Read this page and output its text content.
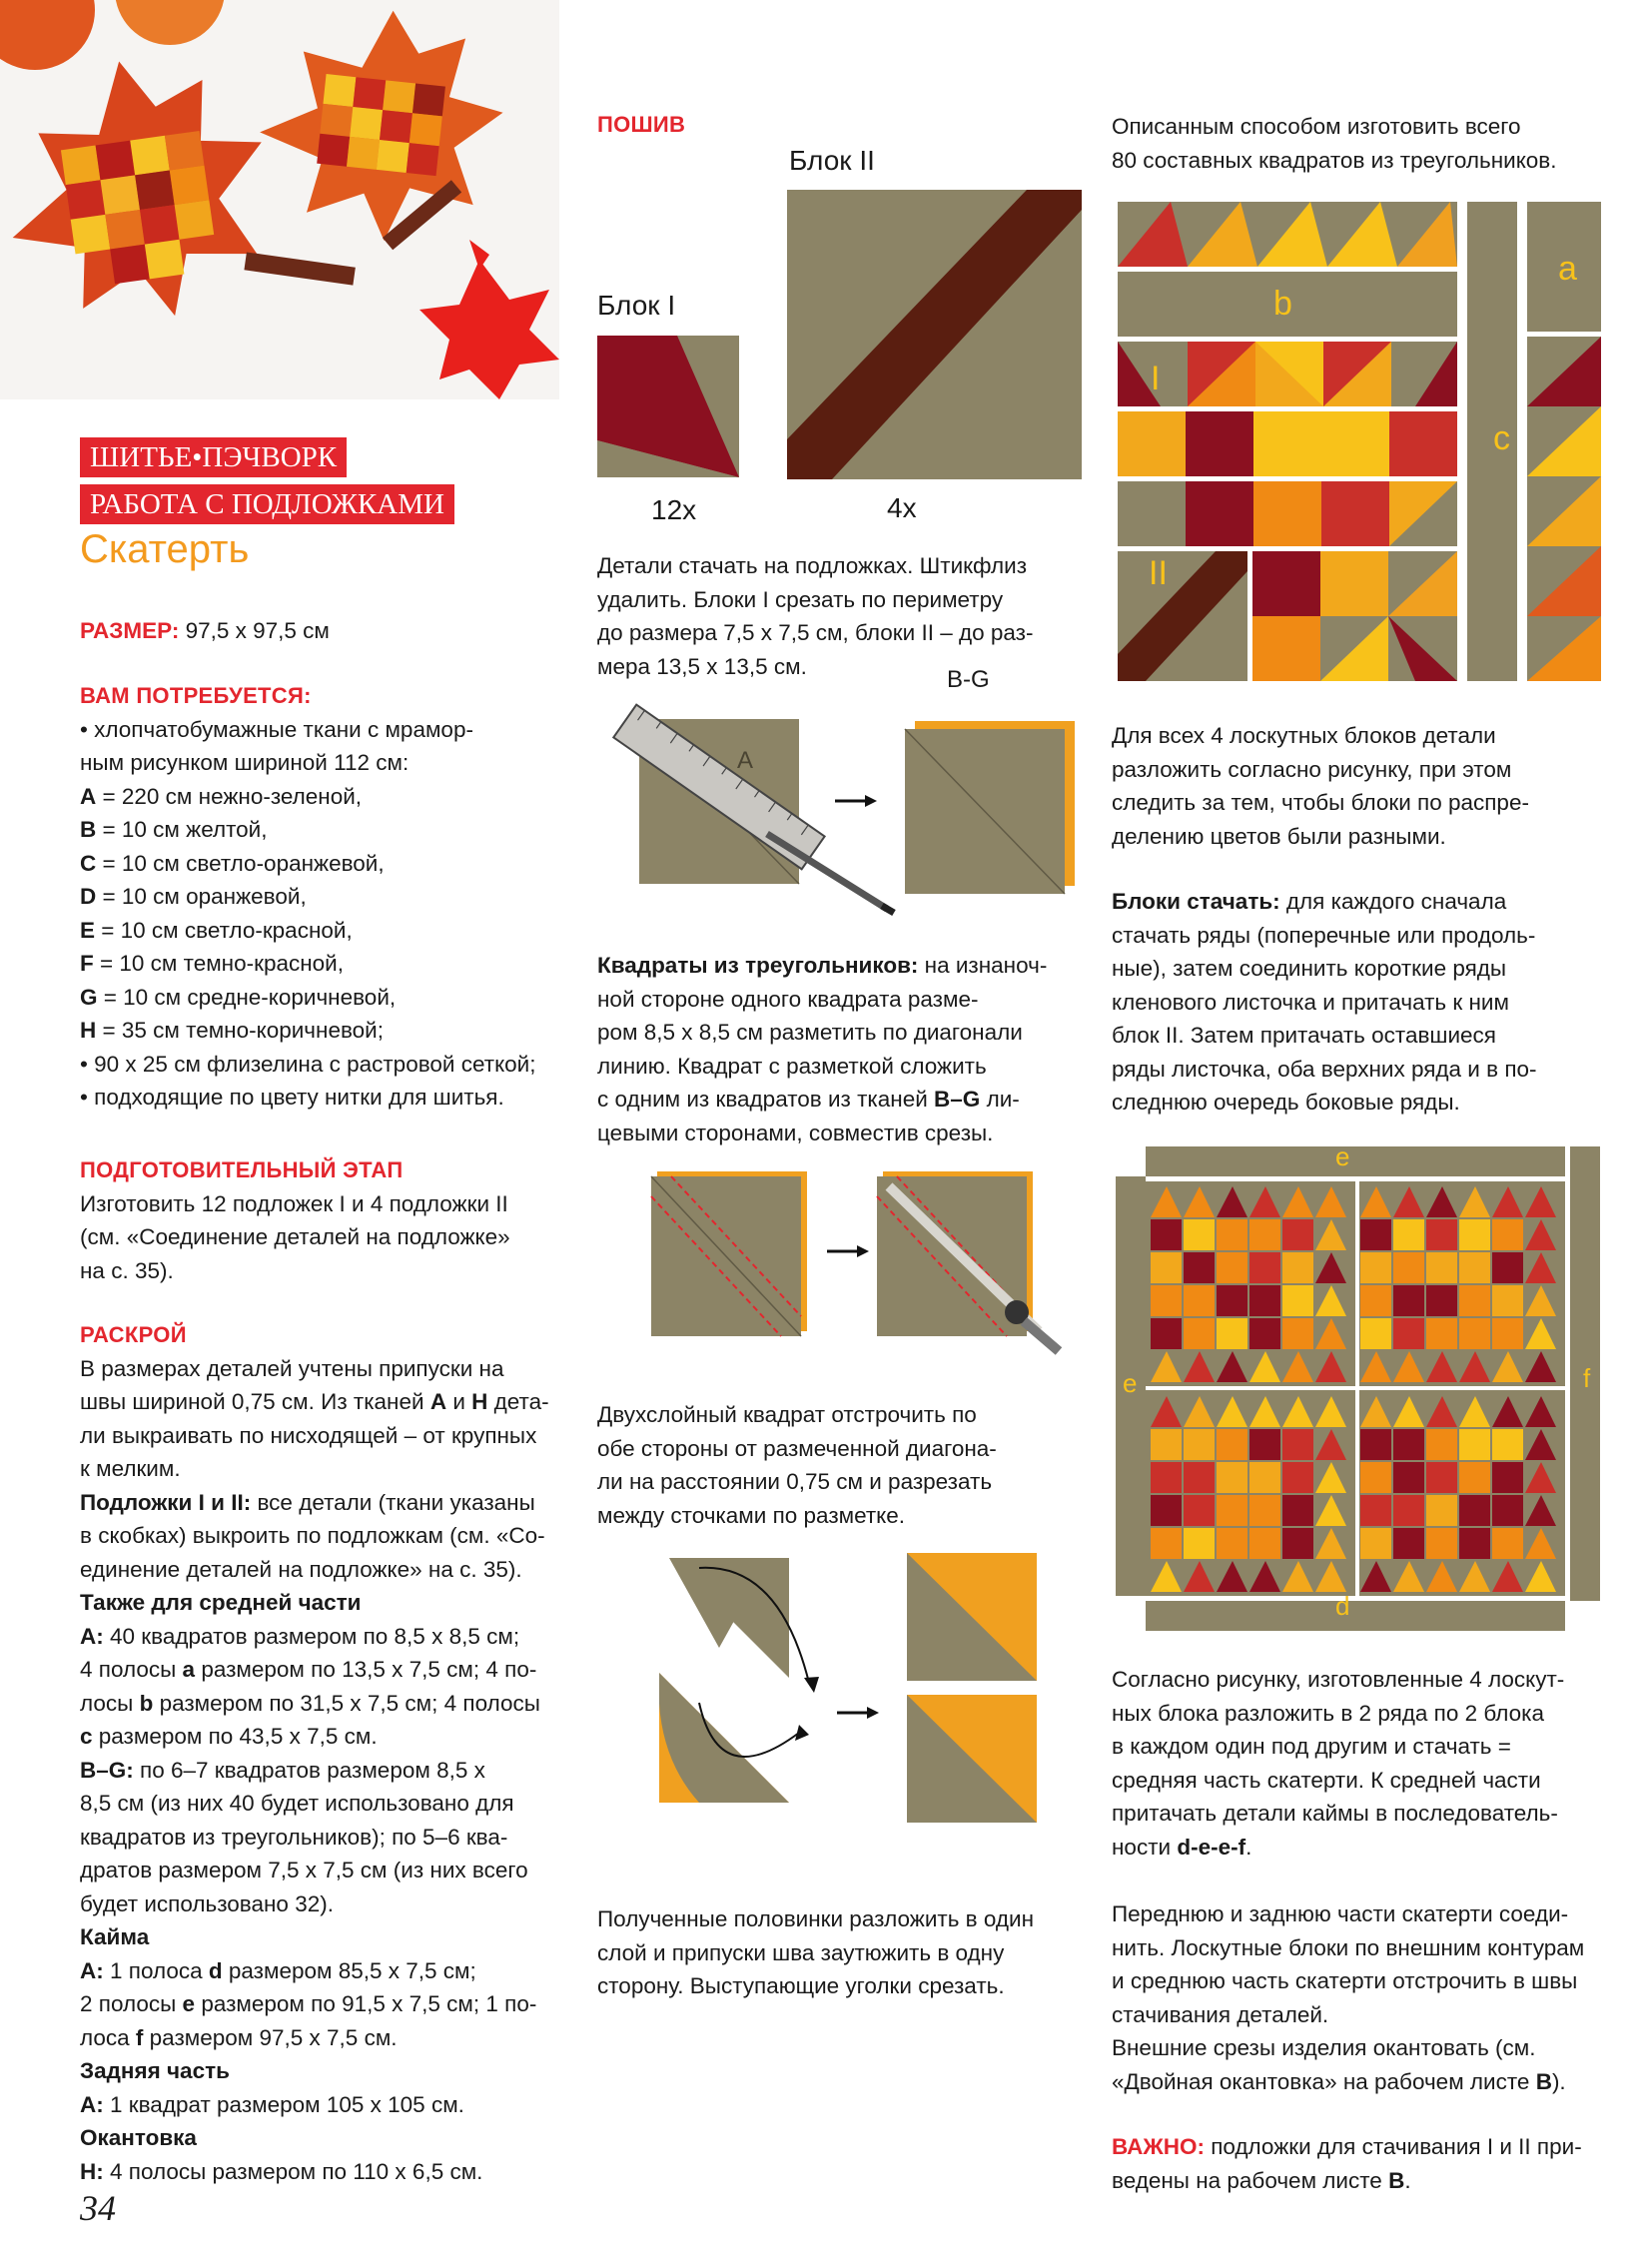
ШИТЬЕ•ПЭЧВОРК
РАБОТА С ПОДЛОЖКАМИ
Скатерть
РАЗМЕР: 97,5 x 97,5 см

ВАМ ПОТРЕБУЕТСЯ:

• хлопчатобумажные ткани с мрамор-

ным рисунком шириной 112 см:

A = 220 см нежно-зеленой,

B = 10 см желтой,

C = 10 см светло-оранжевой,

D = 10 см оранжевой,

E = 10 см светло-красной,

F = 10 см темно-красной,

G = 10 см средне-коричневой,

H = 35 см темно-коричневой;

• 90 x 25 см флизелина с растровой сеткой;

• подходящие по цвету нитки для шитья.

ПОДГОТОВИТЕЛЬНЫЙ ЭТАП

Изготовить 12 подложек I и 4 подложки II

(см. «Соединение деталей на подложке»

на с. 35).

РАСКРОЙ

В размерах деталей учтены припуски на

швы шириной 0,75 см. Из тканей A и H дета-

ли выкраивать по нисходящей – от крупных

к мелким.

Подложки I и II: все детали (ткани указаны

в скобках) выкроить по подложкам (см. «Со-

единение деталей на подложке» на с. 35).

Также для средней части

A: 40 квадратов размером по 8,5 x 8,5 см;

4 полосы a размером по 13,5 x 7,5 см; 4 по-

лосы b размером по 31,5 x 7,5 см; 4 полосы

c размером по 43,5 x 7,5 см.

B–G: по 6–7 квадратов размером 8,5 x

8,5 см (из них 40 будет использовано для

квадратов из треугольников); по 5–6 ква-

дратов размером 7,5 x 7,5 см (из них всего

будет использовано 32).

Кайма

A: 1 полоса d размером 85,5 x 7,5 см;

2 полосы e размером по 91,5 x 7,5 см; 1 по-

лоса f размером 97,5 x 7,5 см.

Задняя часть

A: 1 квадрат размером 105 x 105 см.

Окантовка

H: 4 полосы размером по 110 x 6,5 см.

34
ПОШИВ
Блок II
Блок I
12x	4x

Детали стачать на подложках. Штикфлиз

удалить. Блоки I срезать по периметру

до размера 7,5 x 7,5 см, блоки II – до раз-

мера 13,5 x 13,5 см.

A
B-G

Квадраты из треугольников: на изнаноч-

ной стороне одного квадрата разме-

ром 8,5 x 8,5 см разметить по диагонали

линию. Квадрат с разметкой сложить

с одним из квадратов из тканей B–G ли-

цевыми сторонами, совместив срезы.

Двухслойный квадрат отстрочить по

обе стороны от размеченной диагона-

ли на расстоянии 0,75 см и разрезать

между сточками по разметке.

Полученные половинки разложить в один

слой и припуски шва заутюжить в одну

сторону. Выступающие уголки срезать.

Описанным способом изготовить всего

80 составных квадратов из треугольников.

a
b
c
I
II

Для всех 4 лоскутных блоков детали

разложить согласно рисунку, при этом

следить за тем, чтобы блоки по распре-

делению цветов были разными.

Блоки стачать: для каждого сначала

стачать ряды (поперечные или продоль-

ные), затем соединить короткие ряды

кленового листочка и притачать к ним

блок II. Затем притачать оставшиеся

ряды листочка, оба верхних ряда и в по-

следнюю очередь боковые ряды.

e
e	f
d

Согласно рисунку, изготовленные 4 лоскут-

ных блока разложить в 2 ряда по 2 блока

в каждом один под другим и стачать =

средняя часть скатерти. К средней части

притачать детали каймы в последователь-

ности d-e-e-f.

Переднюю и заднюю части скатерти соеди-

нить. Лоскутные блоки по внешним контурам

и среднюю часть скатерти отстрочить в швы

стачивания деталей.

Внешние срезы изделия окантовать (см.

«Двойная окантовка» на рабочем листе B).

ВАЖНО: подложки для стачивания I и II при-

ведены на рабочем листе B.
